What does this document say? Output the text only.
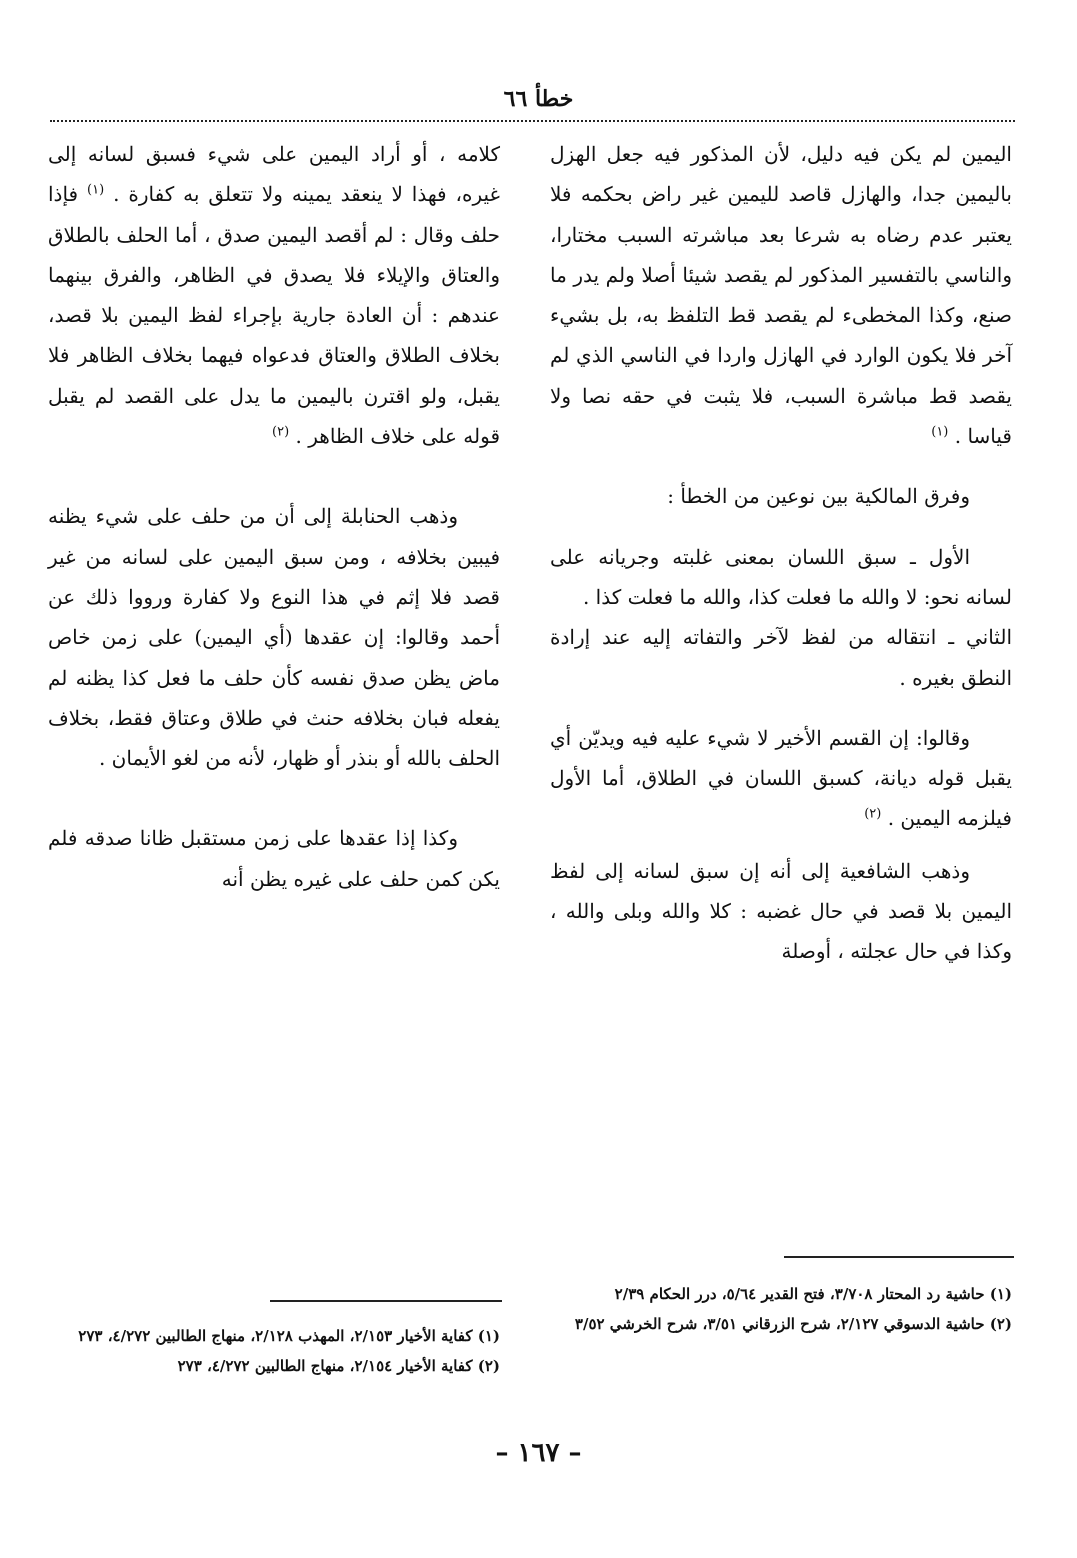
خطأ ٦٦

اليمين لم يكن فيه دليل، لأن المذكور فيه جعل الهزل باليمين جدا، والهازل قاصد لليمين غير راض بحكمه فلا يعتبر عدم رضاه به شرعا بعد مباشرته السبب مختارا، والناسي بالتفسير المذكور لم يقصد شيئا أصلا ولم يدر ما صنع، وكذا المخطىء لم يقصد قط التلفظ به، بل بشيء آخر فلا يكون الوارد في الهازل واردا في الناسي الذي لم يقصد قط مباشرة السبب، فلا يثبت في حقه نصا ولا قياسا . $^{(١)}$

وفرق المالكية بين نوعين من الخطأ :

الأول ـ سبق اللسان بمعنى غلبته وجريانه على لسانه نحو: لا والله ما فعلت كذا، والله ما فعلت كذا .

الثاني ـ انتقاله من لفظ لآخر والتفاته إليه عند إرادة النطق بغيره .

وقالوا: إن القسم الأخير لا شيء عليه فيه ويديّن أي يقبل قوله ديانة، كسبق اللسان في الطلاق، أما الأول فيلزمه اليمين . $^{(٢)}$

وذهب الشافعية إلى أنه إن سبق لسانه إلى لفظ اليمين بلا قصد في حال غضبه : كلا والله وبلى والله ، وكذا في حال عجلته ، أوصلة

كلامه ، أو أراد اليمين على شيء فسبق لسانه إلى غيره، فهذا لا ينعقد يمينه ولا تتعلق به كفارة . $^{(١)}$ فإذا حلف وقال : لم أقصد اليمين صدق ، أما الحلف بالطلاق والعتاق والإيلاء فلا يصدق في الظاهر، والفرق بينهما عندهم : أن العادة جارية بإجراء لفظ اليمين بلا قصد، بخلاف الطلاق والعتاق فدعواه فيهما بخلاف الظاهر فلا يقبل، ولو اقترن باليمين ما يدل على القصد لم يقبل قوله على خلاف الظاهر . $^{(٢)}$

وذهب الحنابلة إلى أن من حلف على شيء يظنه فيبين بخلافه ، ومن سبق اليمين على لسانه من غير قصد فلا إثم في هذا النوع ولا كفارة ورووا ذلك عن أحمد وقالوا: إن عقدها (أي اليمين) على زمن خاص ماض يظن صدق نفسه كأن حلف ما فعل كذا يظنه لم يفعله فبان بخلافه حنث في طلاق وعتاق فقط، بخلاف الحلف بالله أو بنذر أو ظهار، لأنه من لغو الأيمان .

وكذا إذا عقدها على زمن مستقبل ظانا صدقه فلم يكن كمن حلف على غيره يظن أنه

(١) حاشية رد المحتار ٣/٧٠٨، فتح القدير ٥/٦٤، درر الحكام ٢/٣٩

(٢) حاشية الدسوقي ٢/١٢٧، شرح الزرقاني ٣/٥١، شرح الخرشي ٣/٥٢

(١) كفاية الأخيار ٢/١٥٣، المهذب ٢/١٢٨، منهاج الطالبين ٤/٢٧٢، ٢٧٣

(٢) كفاية الأخيار ٢/١٥٤، منهاج الطالبين ٤/٢٧٢، ٢٧٣

– ١٦٧ –
